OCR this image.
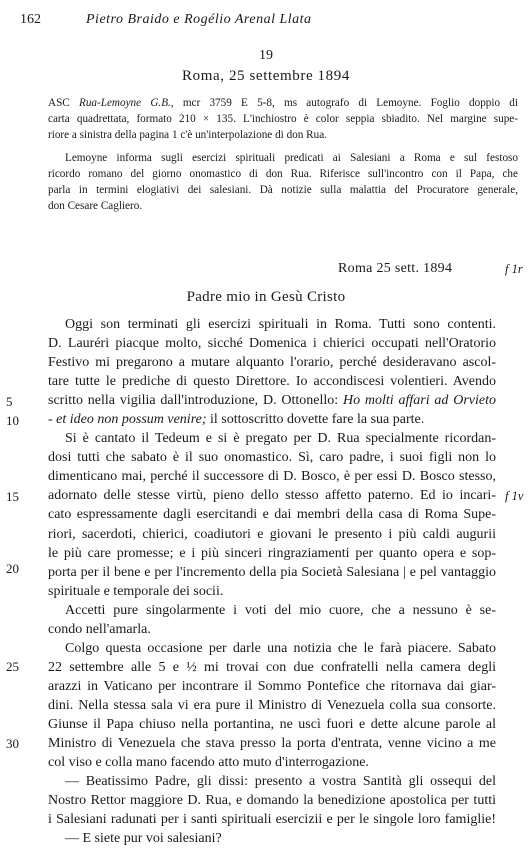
162	Pietro Braido e Rogélio Arenal Llata
19
Roma, 25 settembre 1894
ASC Rua-Lemoyne G.B., mcr 3759 E 5-8, ms autografo di Lemoyne. Foglio doppio di
carta quadrettata, formato 210 × 135. L'inchiostro è color seppia sbiadito. Nel margine supe-
riore a sinistra della pagina 1 c'è un'interpolazione di don Rua.
Lemoyne informa sugli esercizi spirituali predicati ai Salesiani a Roma e sul festoso
ricordo romano del giorno onomastico di don Rua. Riferisce sull'incontro con il Papa, che
parla in termini elogiativi dei salesiani. Dà notizie sulla malattia del Procuratore generale,
don Cesare Cagliero.
Roma 25 sett. 1894	f 1r
Padre mio in Gesù Cristo
Oggi son terminati gli esercizi spirituali in Roma. Tutti sono contenti.
D. Lauréri piacque molto, sicché Domenica i chierici occupati nell'Oratorio
Festivo mi pregarono a mutare alquanto l'orario, perché desideravano ascol-
tare tutte le prediche di questo Direttore. Io accondiscesi volentieri. Avendo
scritto nella vigilia dall'introduzione, D. Ottonello: Ho molti affari ad Orvieto
- et ideo non possum venire; il sottoscritto dovette fare la sua parte.
Si è cantato il Tedeum e si è pregato per D. Rua specialmente ricordan-
dosi tutti che sabato è il suo onomastico. Sì, caro padre, i suoi figli non lo
dimenticano mai, perché il successore di D. Bosco, è per essi D. Bosco stesso,
adornato delle stesse virtù, pieno dello stesso affetto paterno. Ed io incari-
cato espressamente dagli esercitandi e dai membri della casa di Roma Supe-
riori, sacerdoti, chierici, coadiutori e giovani le presento i più caldi augurii
le più care promesse; e i più sinceri ringraziamenti per quanto opera e sop-
porta per il bene e per l'incremento della pia Società Salesiana | e pel vantaggio
spirituale e temporale dei socii.
Accetti pure singolarmente i voti del mio cuore, che a nessuno è se-
condo nell'amarla.
Colgo questa occasione per darle una notizia che le farà piacere. Sabato
22 settembre alle 5 e ½ mi trovai con due confratelli nella camera degli
arazzi in Vaticano per incontrare il Sommo Pontefice che ritornava dai giar-
dini. Nella stessa sala vi era pure il Ministro di Venezuela colla sua consorte.
Giunse il Papa chiuso nella portantina, ne uscì fuori e dette alcune parole al
Ministro di Venezuela che stava presso la porta d'entrata, venne vicino a me
col viso e colla mano facendo atto muto d'interrogazione.
— Beatissimo Padre, gli dissi: presento a vostra Santità gli ossequi del
Nostro Rettor maggiore D. Rua, e domando la benedizione apostolica per tutti
i Salesiani radunati per i santi spirituali esercizii e per le singole loro famiglie!
— E siete pur voi salesiani?
f 1v
5
10
15
20
25
30
